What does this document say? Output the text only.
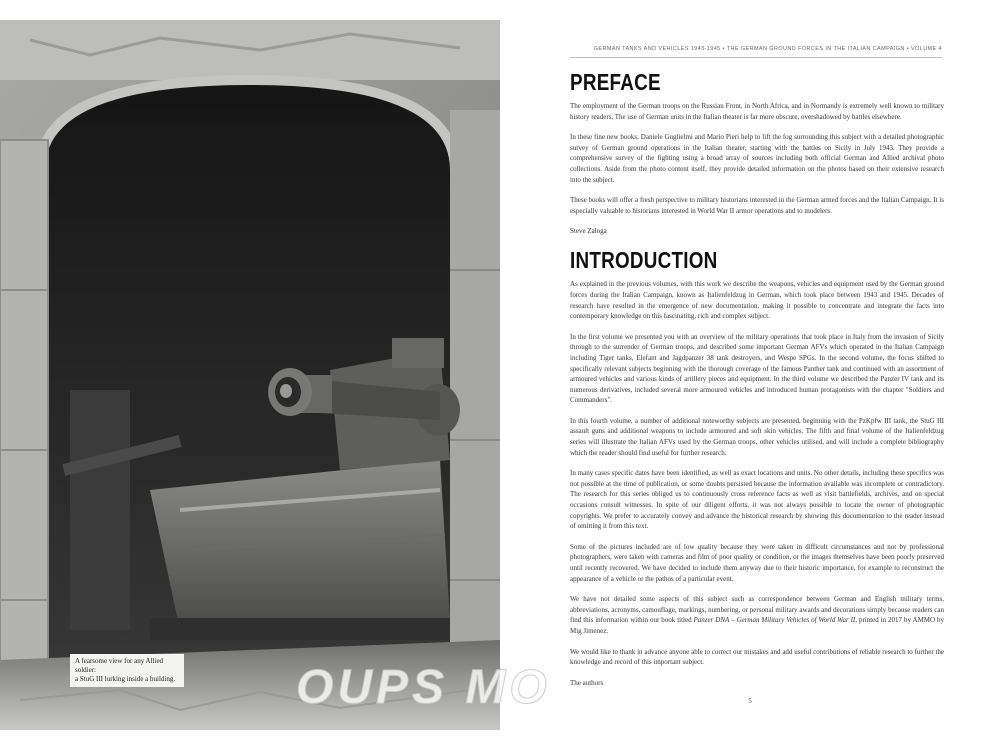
A fearsome view for any Allied soldier:
a StuG III lurking inside a building.
GERMAN TANKS AND VEHICLES 1943-1945 • THE GERMAN GROUND FORCES IN THE ITALIAN CAMPAIGN • VOLUME 4
PREFACE

The employment of the German troops on the Russian Front, in North Africa, and in Normandy is extremely well known to military history readers. The use of German units in the Italian theater is far more obscure, overshadowed by battles elsewhere.

In these fine new books, Daniele Guglielmi and Mario Pieri help to lift the fog surrounding this subject with a detailed photographic survey of German ground operations in the Italian theater, starting with the battles on Sicily in July 1943. They provide a comprehensive survey of the fighting using a broad array of sources including both official German and Allied archival photo collections. Aside from the photo content itself, they provide detailed information on the photos based on their extensive research into the subject.

These books will offer a fresh perspective to military historians interested in the German armed forces and the Italian Campaign. It is especially valuable to historians interested in World War II armor operations and to modelers.

Steve Zaloga

INTRODUCTION

As explained in the previous volumes, with this work we describe the weapons, vehicles and equipment used by the German ground forces during the Italian Campaign, known as Italienfeldzug in German, which took place between 1943 and 1945. Decades of research have resulted in the emergence of new documentation, making it possible to concentrate and integrate the facts into contemporary knowledge on this fascinating, rich and complex subject.

In the first volume we presented you with an overview of the military operations that took place in Italy from the invasion of Sicily through to the surrender of German troops, and described some important German AFVs which operated in the Italian Campaign including Tiger tanks, Elefant and Jagdpanzer 38 tank destroyers, and Wespe SPGs. In the second volume, the focus shifted to specifically relevant subjects beginning with the thorough coverage of the famous Panther tank and continued with an assortment of armoured vehicles and various kinds of artillery pieces and equipment. In the third volume we described the Panzer IV tank and its numerous derivatives, included several more armoured vehicles and introduced human protagonists with the chapter "Soldiers and Commanders".

In this fourth volume, a number of additional noteworthy subjects are presented, beginning with the PzKpfw III tank, the StuG III assault guns and additional weapons to include armoured and soft skin vehicles. The fifth and final volume of the Italienfeldzug series will illustrate the Italian AFVs used by the German troops, other vehicles utilised, and will include a complete bibliography which the reader should find useful for further research.

In many cases specific dates have been identified, as well as exact locations and units. No other details, including these specifics was not possible at the time of publication, or some doubts persisted because the information available was incomplete or contradictory. The research for this series obliged us to continuously cross reference facts as well as visit battlefields, archives, and on special occasions consult witnesses. In spite of our diligent efforts, it was not always possible to locate the owner of photographic copyrights. We prefer to accurately convey and advance the historical research by showing this documentation to the reader instead of omitting it from this text.

Some of the pictures included are of low quality because they were taken in difficult circumstances and not by professional photographers, were taken with cameras and film of poor quality or condition, or the images themselves have been poorly preserved until recently recovered. We have decided to include them anyway due to their historic importance, for example to reconstruct the appearance of a vehicle or the pathos of a particular event.

We have not detailed some aspects of this subject such as correspondence between German and English military terms, abbreviations, acronyms, camouflage, markings, numbering, or personal military awards and decorations simply because readers can find this information within our book titled Panzer DNA – German Military Vehicles of World War II, printed in 2017 by AMMO by Mig Jimenez.

We would like to thank in advance anyone able to correct our mistakes and add useful contributions of reliable research to further the knowledge and record of this important subject.

The authors

5
OUPS MO
